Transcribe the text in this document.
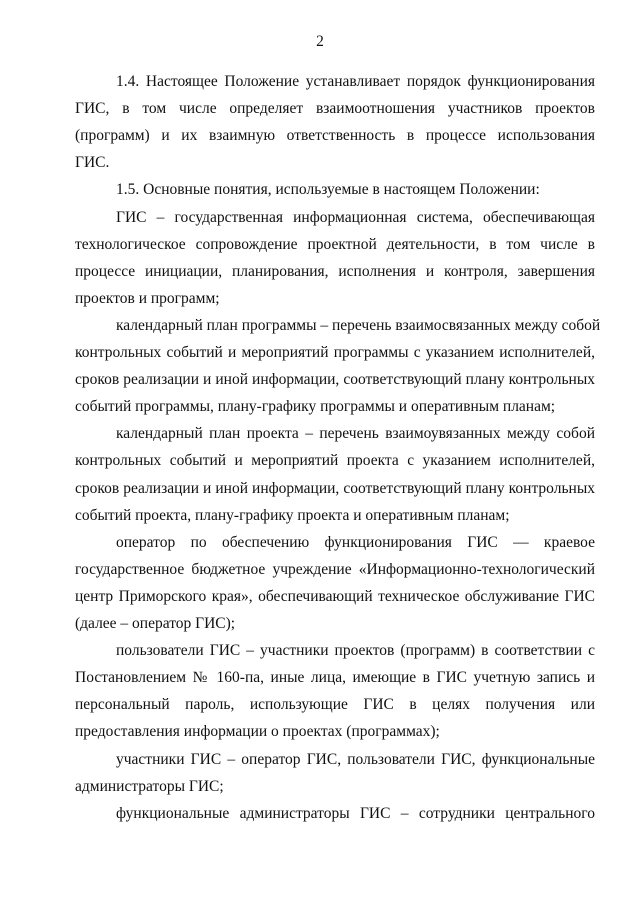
2
1.4. Настоящее Положение устанавливает порядок функционирования
ГИС, в том числе определяет взаимоотношения участников проектов
(программ) и их взаимную ответственность в процессе использования
ГИС.
1.5. Основные понятия, используемые в настоящем Положении:
ГИС – государственная информационная система, обеспечивающая
технологическое сопровождение проектной деятельности, в том числе в
процессе инициации, планирования, исполнения и контроля, завершения
проектов и программ;
календарный план программы – перечень взаимосвязанных между собой
контрольных событий и мероприятий программы с указанием исполнителей,
сроков реализации и иной информации, соответствующий плану контрольных
событий программы, плану-графику программы и оперативным планам;
календарный план проекта – перечень взаимоувязанных между собой
контрольных событий и мероприятий проекта с указанием исполнителей,
сроков реализации и иной информации, соответствующий плану контрольных
событий проекта, плану-графику проекта и оперативным планам;
оператор по обеспечению функционирования ГИС — краевое
государственное бюджетное учреждение «Информационно-технологический
центр Приморского края», обеспечивающий техническое обслуживание ГИС
(далее – оператор ГИС);
пользователи ГИС – участники проектов (программ) в соответствии с
Постановлением № 160-па, иные лица, имеющие в ГИС учетную запись и
персональный пароль, использующие ГИС в целях получения или
предоставления информации о проектах (программах);
участники ГИС – оператор ГИС, пользователи ГИС, функциональные
администраторы ГИС;
функциональные администраторы ГИС – сотрудники центрального
